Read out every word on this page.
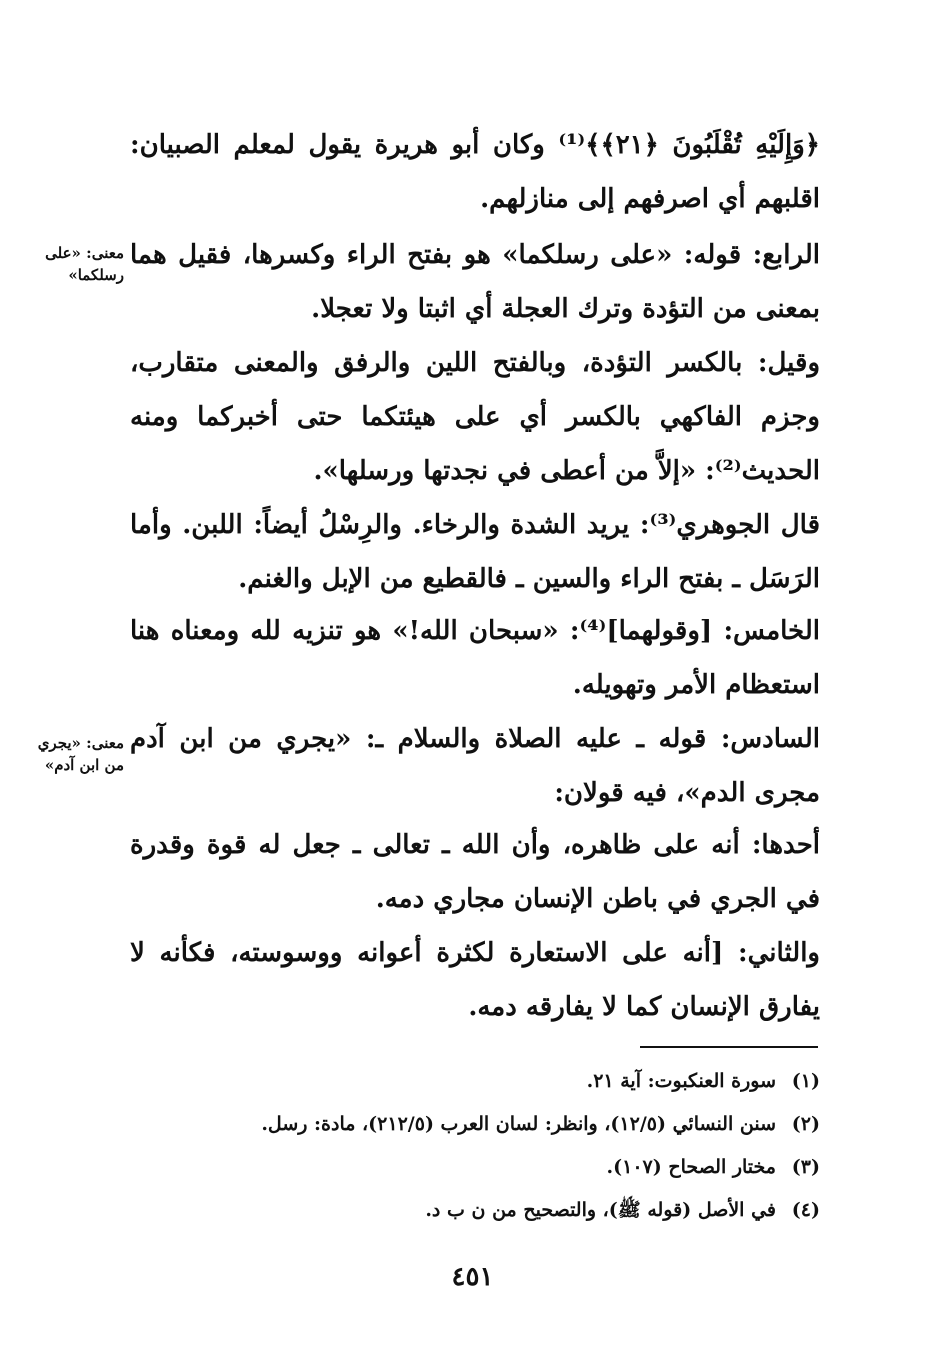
﴿وَإِلَيْهِ تُقْلَبُونَ ﴿٢١﴾﴾⁽¹⁾ وكان أبو هريرة يقول لمعلم الصبيان: اقلبهم أي اصرفهم إلى منازلهم.

الرابع: قوله: «على رسلكما» هو بفتح الراء وكسرها، فقيل هما بمعنى من التؤدة وترك العجلة أي اثبتا ولا تعجلا.

وقيل: بالكسر التؤدة، وبالفتح اللين والرفق والمعنى متقارب، وجزم الفاكهي بالكسر أي على هيئتكما حتى أخبركما ومنه الحديث⁽²⁾: «إلاَّ من أعطى في نجدتها ورسلها».

قال الجوهري⁽³⁾: يريد الشدة والرخاء. والرِسْلُ أيضاً: اللبن. وأما الرَسَل ـ بفتح الراء والسين ـ فالقطيع من الإبل والغنم.

الخامس: [وقولهما]⁽⁴⁾: «سبحان الله!» هو تنزيه لله ومعناه هنا استعظام الأمر وتهويله.

السادس: قوله ـ عليه الصلاة والسلام ـ: «يجري من ابن آدم مجرى الدم»، فيه قولان:

أحدها: أنه على ظاهره، وأن الله ـ تعالى ـ جعل له قوة وقدرة في الجري في باطن الإنسان مجاري دمه.

والثاني: [أنه على الاستعارة لكثرة أعوانه ووسوسته، فكأنه لا يفارق الإنسان كما لا يفارقه دمه.

معنى: «على رسلكما»
معنى: «يجري من ابن آدم»
(١)سورة العنكبوت: آية ٢١.
(٢)سنن النسائي (١٢/٥)، وانظر: لسان العرب (٢١٢/٥)، مادة: رسل.
(٣)مختار الصحاح (١٠٧).
(٤)في الأصل (قوله ﷺ)، والتصحيح من ن ب د.
٤٥١
